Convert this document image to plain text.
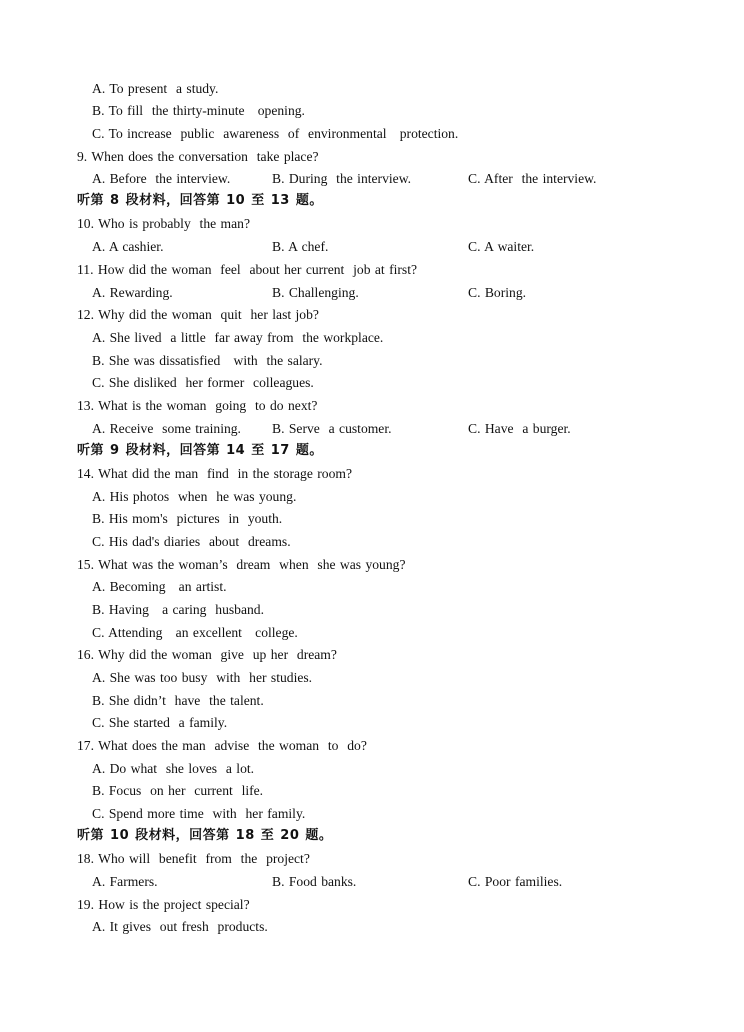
A. To present  a study.
B. To fill  the thirty-minute   opening.
C. To increase  public  awareness  of  environmental   protection.
9. When does the conversation  take place?
A. Before  the interview.	B. During  the interview.	C. After  the interview.
听第 8 段材料，回答第 10 至 13 题。
10. Who is probably  the man?
A. A cashier.	B. A chef.	C. A waiter.
11. How did the woman  feel  about her current  job at first?
A. Rewarding.	B. Challenging.	C. Boring.
12. Why did the woman  quit  her last job?
A. She lived  a little  far away from  the workplace.
B. She was dissatisfied   with  the salary.
C. She disliked  her former  colleagues.
13. What is the woman  going  to do next?
A. Receive  some training. B. Serve  a customer.	C. Have  a burger.
听第 9 段材料，回答第 14 至 17 题。
14. What did the man  find  in the storage room?
A. His photos  when  he was young.
B. His mom's  pictures  in  youth.
C. His dad's diaries  about  dreams.
15. What was the woman’s  dream  when  she was young?
A. Becoming   an artist.
B. Having   a caring  husband.
C. Attending   an excellent   college.
16. Why did the woman  give  up her  dream?
A. She was too busy  with  her studies.
B. She didn’t  have  the talent.
C. She started  a family.
17. What does the man  advise  the woman  to  do?
A. Do what  she loves  a lot.
B. Focus  on her  current  life.
C. Spend more time  with  her family.
听第 10 段材料，回答第 18 至 20 题。
18. Who will  benefit  from  the  project?
A. Farmers.	B. Food banks.	C. Poor families.
19. How is the project special?
A. It gives  out fresh  products.
